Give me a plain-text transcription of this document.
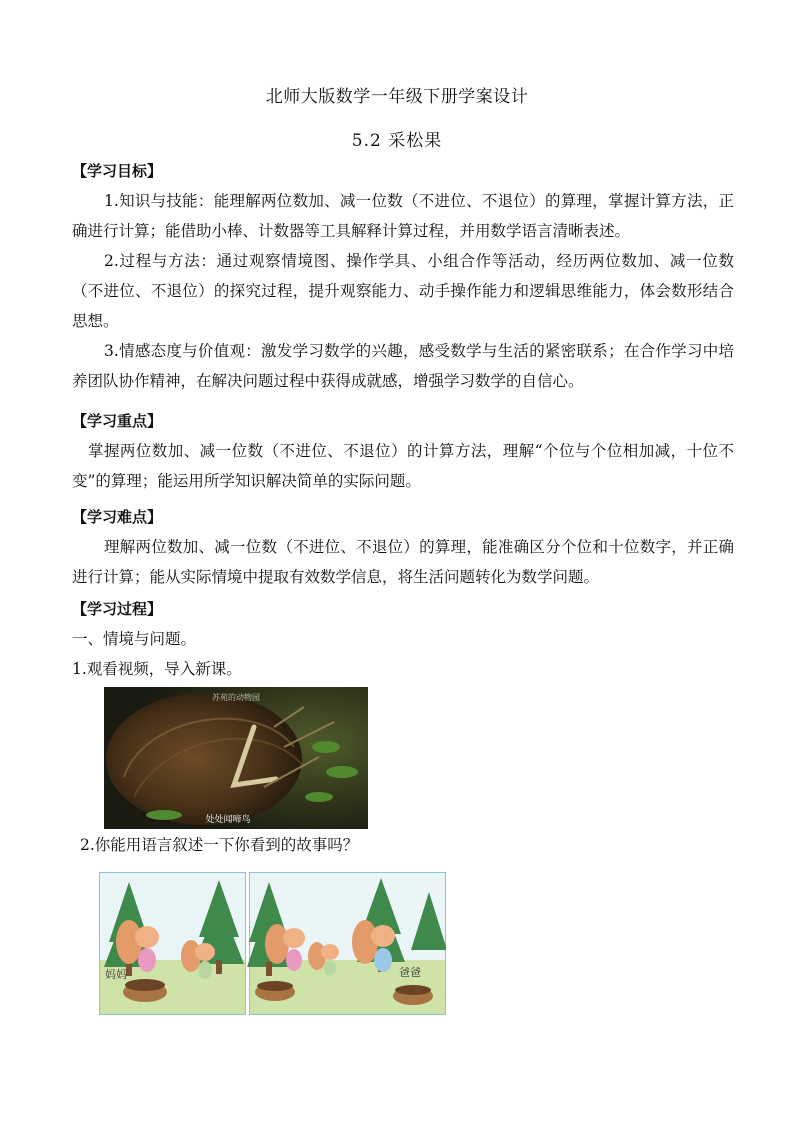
北师大版数学一年级下册学案设计
5.2 采松果
【学习目标】
1.知识与技能：能理解两位数加、减一位数（不进位、不退位）的算理，掌握计算方法，正确进行计算；能借助小棒、计数器等工具解释计算过程，并用数学语言清晰表述。
2.过程与方法：通过观察情境图、操作学具、小组合作等活动，经历两位数加、减一位数（不进位、不退位）的探究过程，提升观察能力、动手操作能力和逻辑思维能力，体会数形结合思想。
3.情感态度与价值观：激发学习数学的兴趣，感受数学与生活的紧密联系；在合作学习中培养团队协作精神，在解决问题过程中获得成就感，增强学习数学的自信心。
【学习重点】
掌握两位数加、减一位数（不进位、不退位）的计算方法，理解“个位与个位相加减，十位不变”的算理；能运用所学知识解决简单的实际问题。
【学习难点】
理解两位数加、减一位数（不进位、不退位）的算理，能准确区分个位和十位数字，并正确进行计算；能从实际情境中提取有效数学信息，将生活问题转化为数学问题。
【学习过程】
一、情境与问题。
1.观看视频，导入新课。
苏苑的动物园
处处闻啼鸟
2.你能用语言叙述一下你看到的故事吗？
妈妈	爸爸
